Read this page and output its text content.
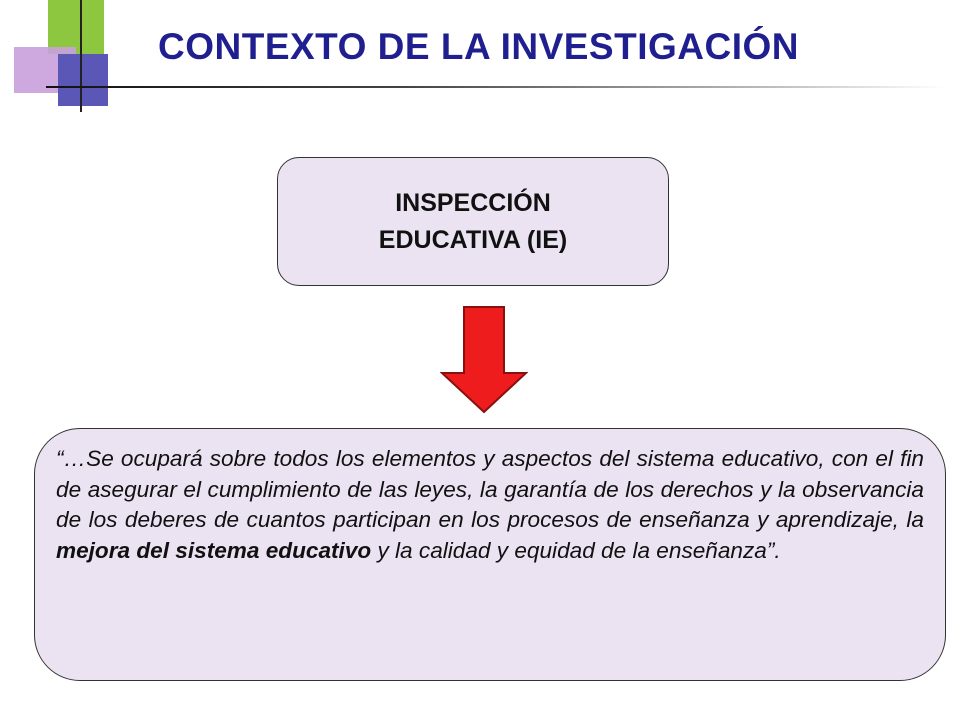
CONTEXTO DE LA INVESTIGACIÓN
INSPECCIÓN
EDUCATIVA (IE)

“…Se ocupará sobre todos los elementos y aspectos del sistema educativo, con el fin de asegurar el cumplimiento de las leyes, la garantía de los derechos y la observancia de los deberes de cuantos participan en los procesos de enseñanza y aprendizaje, la mejora del sistema educativo y la calidad y equidad de la enseñanza”.
